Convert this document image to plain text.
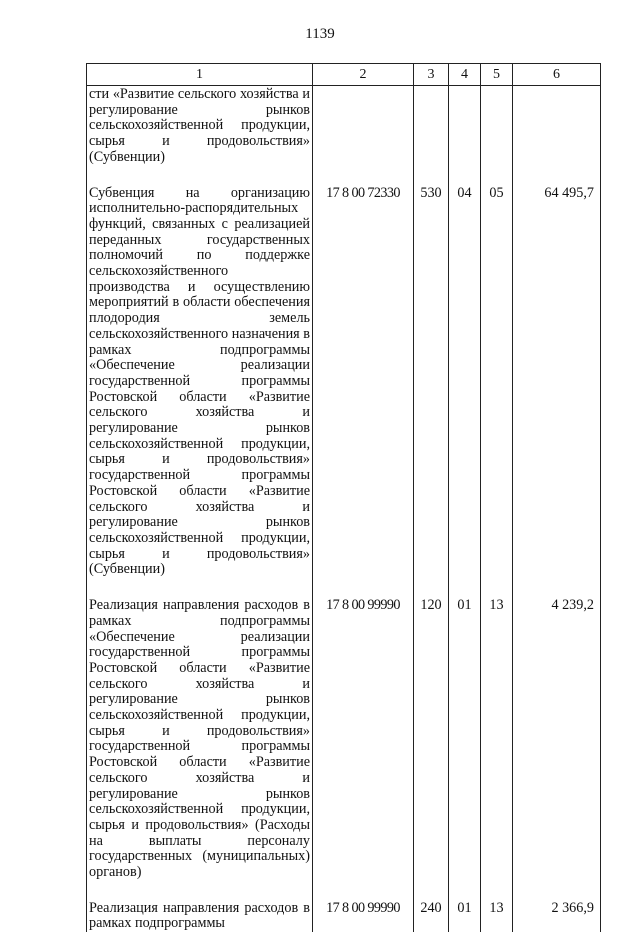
1139
1	2	3	4	5	6
сти «Развитие сельского хозяйства и регулирование рынков сельскохозяйственной продукции, сырья и продовольствия» (Субвенции)					

Субвенция на организацию исполнительно-распорядительных функций, связанных с реализацией переданных государственных полномочий по поддержке сельскохозяйственного производства и осуществлению мероприятий в области обеспечения плодородия земель сельскохозяйственного назначения в рамках подпрограммы «Обеспечение реализации государственной программы Ростовской области «Развитие сельского хозяйства и регулирование рынков сельскохозяйственной продукции, сырья и продовольствия» государственной программы Ростовской области «Развитие сельского хозяйства и регулирование рынков сельскохозяйственной продукции, сырья и продовольствия» (Субвенции)	17 8 00 72330	530	04	05	64 495,7

Реализация направления расходов в рамках подпрограммы «Обеспечение реализации государственной программы Ростовской области «Развитие сельского хозяйства и регулирование рынков сельскохозяйственной продукции, сырья и продовольствия» государственной программы Ростовской области «Развитие сельского хозяйства и регулирование рынков сельскохозяйственной продукции, сырья и продовольствия» (Расходы на выплаты персоналу государственных (муниципальных) органов)	17 8 00 99990	120	01	13	4 239,2

Реализация направления расходов в рамках подпрограммы	17 8 00 99990	240	01	13	2 366,9
